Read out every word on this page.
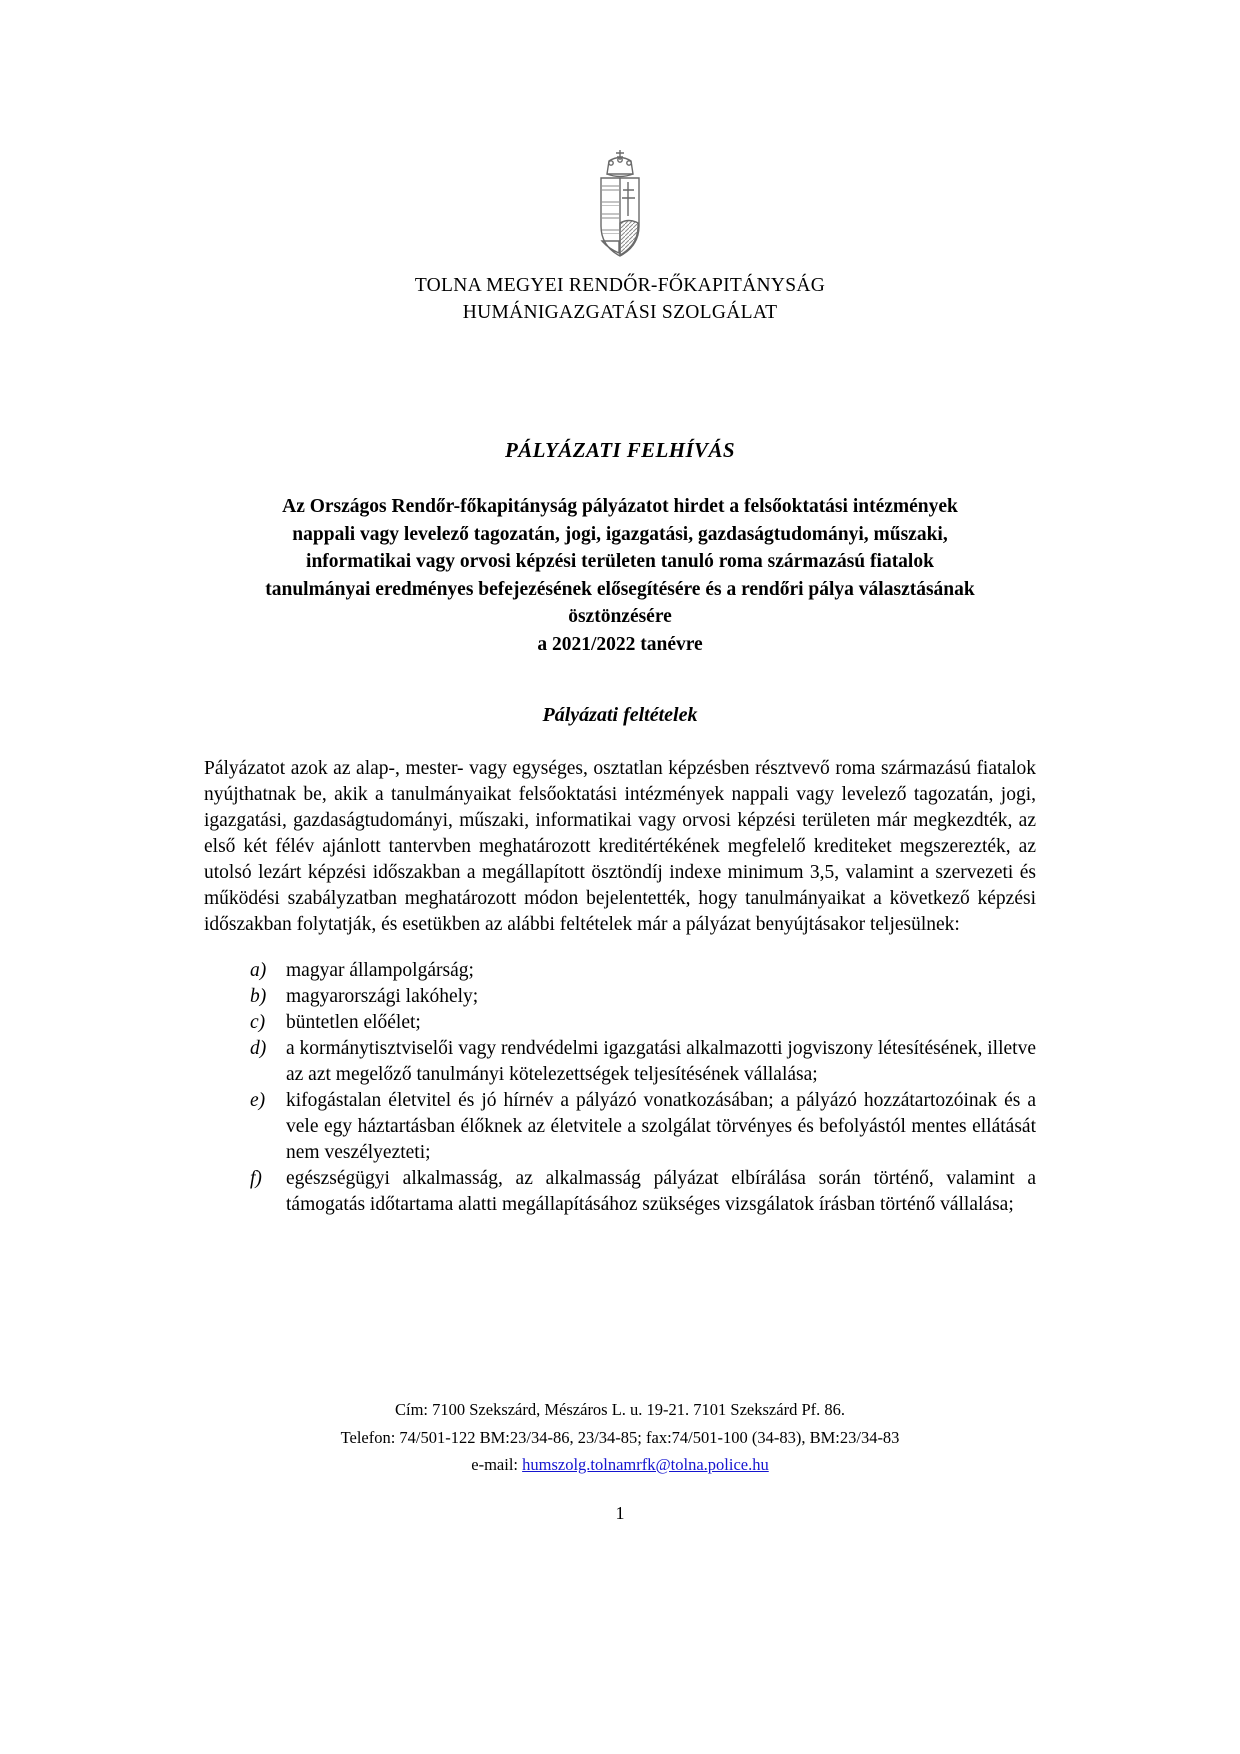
TOLNA MEGYEI RENDŐR-FŐKAPITÁNYSÁG
HUMÁNIGAZGATÁSI SZOLGÁLAT
PÁLYÁZATI FELHÍVÁS
Az Országos Rendőr-főkapitányság pályázatot hirdet a felsőoktatási intézmények
nappali vagy levelező tagozatán, jogi, igazgatási, gazdaságtudományi, műszaki,
informatikai vagy orvosi képzési területen tanuló roma származású fiatalok
tanulmányai eredményes befejezésének elősegítésére és a rendőri pálya választásának
ösztönzésére
a 2021/2022 tanévre
Pályázati feltételek

Pályázatot azok az alap-, mester- vagy egységes, osztatlan képzésben résztvevő roma származású fiatalok nyújthatnak be, akik a tanulmányaikat felsőoktatási intézmények nappali vagy levelező tagozatán, jogi, igazgatási, gazdaságtudományi, műszaki, informatikai vagy orvosi képzési területen már megkezdték, az első két félév ajánlott tantervben meghatározott kreditértékének megfelelő krediteket megszerezték, az utolsó lezárt képzési időszakban a megállapított ösztöndíj indexe minimum 3,5, valamint a szervezeti és működési szabályzatban meghatározott módon bejelentették, hogy tanulmányaikat a következő képzési időszakban folytatják, és esetükben az alábbi feltételek már a pályázat benyújtásakor teljesülnek:

a)	magyar állampolgárság;
b)	magyarországi lakóhely;
c)	büntetlen előélet;
d)	a kormánytisztviselői vagy rendvédelmi igazgatási alkalmazotti jogviszony létesítésének, illetve az azt megelőző tanulmányi kötelezettségek teljesítésének vállalása;
e)	kifogástalan életvitel és jó hírnév a pályázó vonatkozásában; a pályázó hozzátartozóinak és a vele egy háztartásban élőknek az életvitele a szolgálat törvényes és befolyástól mentes ellátását nem veszélyezteti;
f)	egészségügyi alkalmasság, az alkalmasság pályázat elbírálása során történő, valamint a támogatás időtartama alatti megállapításához szükséges vizsgálatok írásban történő vállalása;
Cím: 7100 Szekszárd, Mészáros L. u. 19-21. 7101 Szekszárd Pf. 86.
Telefon: 74/501-122 BM:23/34-86, 23/34-85; fax:74/501-100 (34-83), BM:23/34-83
e-mail: humszolg.tolnamrfk@tolna.police.hu
1
